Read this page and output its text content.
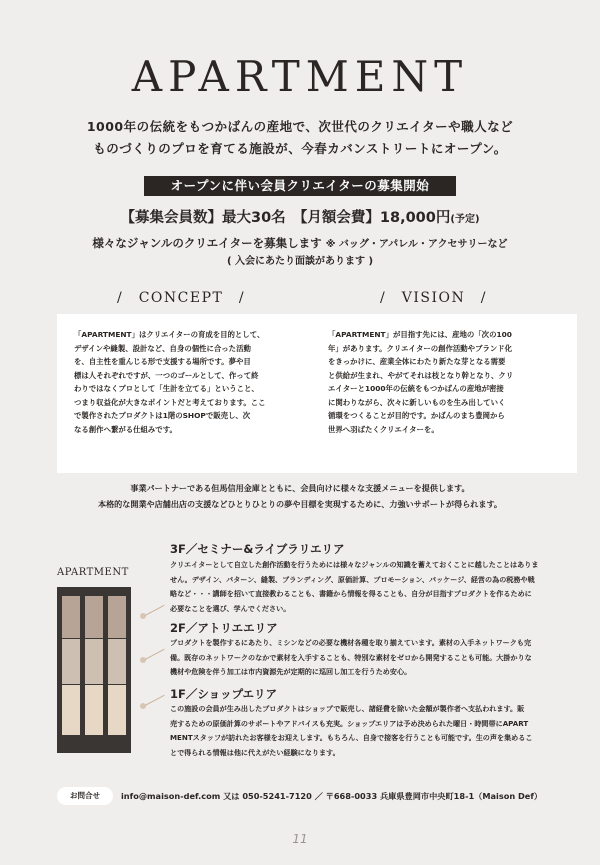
APARTMENT
1000年の伝統をもつかばんの産地で、次世代のクリエイターや職人など
ものづくりのプロを育てる施設が、今春カバンストリートにオープン。
オープンに伴い会員クリエイターの募集開始
【募集会員数】最大30名　【月額会費】18,000円(予定)
様々なジャンルのクリエイターを募集します ※ バッグ・アパレル・アクセサリーなど
( 入会にあたり面談があります )
/　CONCEPT　/	/　VISION　/
「APARTMENT」はクリエイターの育成を目的として、
デザインや縫製、設計など、自身の個性に合った活動
を、自主性を重んじる形で支援する場所です。夢や目
標は人それぞれですが、一つのゴールとして、作って終
わりではなくプロとして「生計を立てる」ということ、
つまり収益化が大きなポイントだと考えております。ここ
で製作されたプロダクトは1階のSHOPで販売し、次
なる創作へ繋がる仕組みです。
「APARTMENT」が目指す先には、産地の「次の100
年」があります。クリエイターの創作活動やブランド化
をきっかけに、産業全体にわたり新たな芽となる需要
と供給が生まれ、やがてそれは枝となり幹となり、クリ
エイターと1000年の伝統をもつかばんの産地が密接
に関わりながら、次々に新しいものを生み出していく
循環をつくることが目的です。かばんのまち豊岡から
世界へ羽ばたくクリエイターを。
事業パートナーである但馬信用金庫とともに、会員向けに様々な支援メニューを提供します。
本格的な開業や店舗出店の支援などひとりひとりの夢や目標を実現するために、力強いサポートが得られます。
APARTMENT
3F／セミナー&ライブラリエリア
クリエイターとして自立した創作活動を行うためには様々なジャンルの知識を蓄えておくことに越したことはありま
せん。デザイン、パターン、縫製、ブランディング、原価計算、プロモーション、パッケージ、経営の為の税務や戦
略など・・・講師を招いて直接教わることも、書籍から情報を得ることも、自分が目指すプロダクトを作るために
必要なことを選び、学んでください。
2F／アトリエエリア
プロダクトを製作するにあたり、ミシンなどの必要な機材各種を取り揃えています。素材の入手ネットワークも完
備。既存のネットワークのなかで素材を入手することも、特別な素材をゼロから開発することも可能。大掛かりな
機材や危険を伴う加工は市内資源先が定期的に巡回し加工を行うため安心。
1F／ショップエリア
この施設の会員が生み出したプロダクトはショップで販売し、諸経費を除いた金額が製作者へ支払われます。販
売するための原価計算のサポートやアドバイスも充実。ショップエリアは予め決められた曜日・時間帯にAPART
MENTスタッフが訪れたお客様をお迎えします。もちろん、自身で接客を行うことも可能です。生の声を集めるこ
とで得られる情報は他に代えがたい経験になります。
お問合せ	info@maison-def.com 又は 050-5241-7120 ／ 〒668-0033 兵庫県豊岡市中央町18-1（Maison Def）
11
